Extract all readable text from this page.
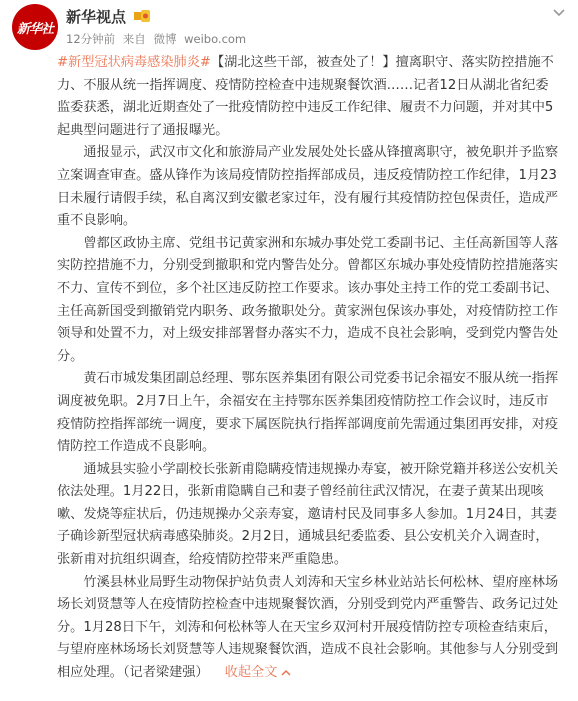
新华社
新华视点
12分钟前 来自 微博 weibo.com

#新型冠状病毒感染肺炎#【湖北这些干部，被查处了！】擅离职守、落实防控措施不力、不服从统一指挥调度、疫情防控检查中违规聚餐饮酒……记者12日从湖北省纪委监委获悉，湖北近期查处了一批疫情防控中违反工作纪律、履责不力问题，并对其中5起典型问题进行了通报曝光。

通报显示，武汉市文化和旅游局产业发展处处长盛从锋擅离职守，被免职并予监察立案调查审查。盛从锋作为该局疫情防控指挥部成员，违反疫情防控工作纪律，1月23日未履行请假手续，私自离汉到安徽老家过年，没有履行其疫情防控包保责任，造成严重不良影响。

曾都区政协主席、党组书记黄家洲和东城办事处党工委副书记、主任高新国等人落实防控措施不力，分别受到撤职和党内警告处分。曾都区东城办事处疫情防控措施落实不力、宣传不到位，多个社区违反防控工作要求。该办事处主持工作的党工委副书记、主任高新国受到撤销党内职务、政务撤职处分。黄家洲包保该办事处，对疫情防控工作领导和处置不力，对上级安排部署督办落实不力，造成不良社会影响，受到党内警告处分。

黄石市城发集团副总经理、鄂东医养集团有限公司党委书记余福安不服从统一指挥调度被免职。2月7日上午，余福安在主持鄂东医养集团疫情防控工作会议时，违反市疫情防控指挥部统一调度，要求下属医院执行指挥部调度前先需通过集团再安排，对疫情防控工作造成不良影响。

通城县实验小学副校长张新甫隐瞒疫情违规操办寿宴，被开除党籍并移送公安机关依法处理。1月22日，张新甫隐瞒自己和妻子曾经前往武汉情况，在妻子黄某出现咳嗽、发烧等症状后，仍违规操办父亲寿宴，邀请村民及同事多人参加。1月24日，其妻子确诊新型冠状病毒感染肺炎。2月2日，通城县纪委监委、县公安机关介入调查时，张新甫对抗组织调查，给疫情防控带来严重隐患。

竹溪县林业局野生动物保护站负责人刘涛和天宝乡林业站站长何松林、望府座林场场长刘贤慧等人在疫情防控检查中违规聚餐饮酒，分别受到党内严重警告、政务记过处分。1月28日下午，刘涛和何松林等人在天宝乡双河村开展疫情防控专项检查结束后，与望府座林场场长刘贤慧等人违规聚餐饮酒，造成不良社会影响。其他参与人分别受到相应处理。（记者梁建强） 收起全文
